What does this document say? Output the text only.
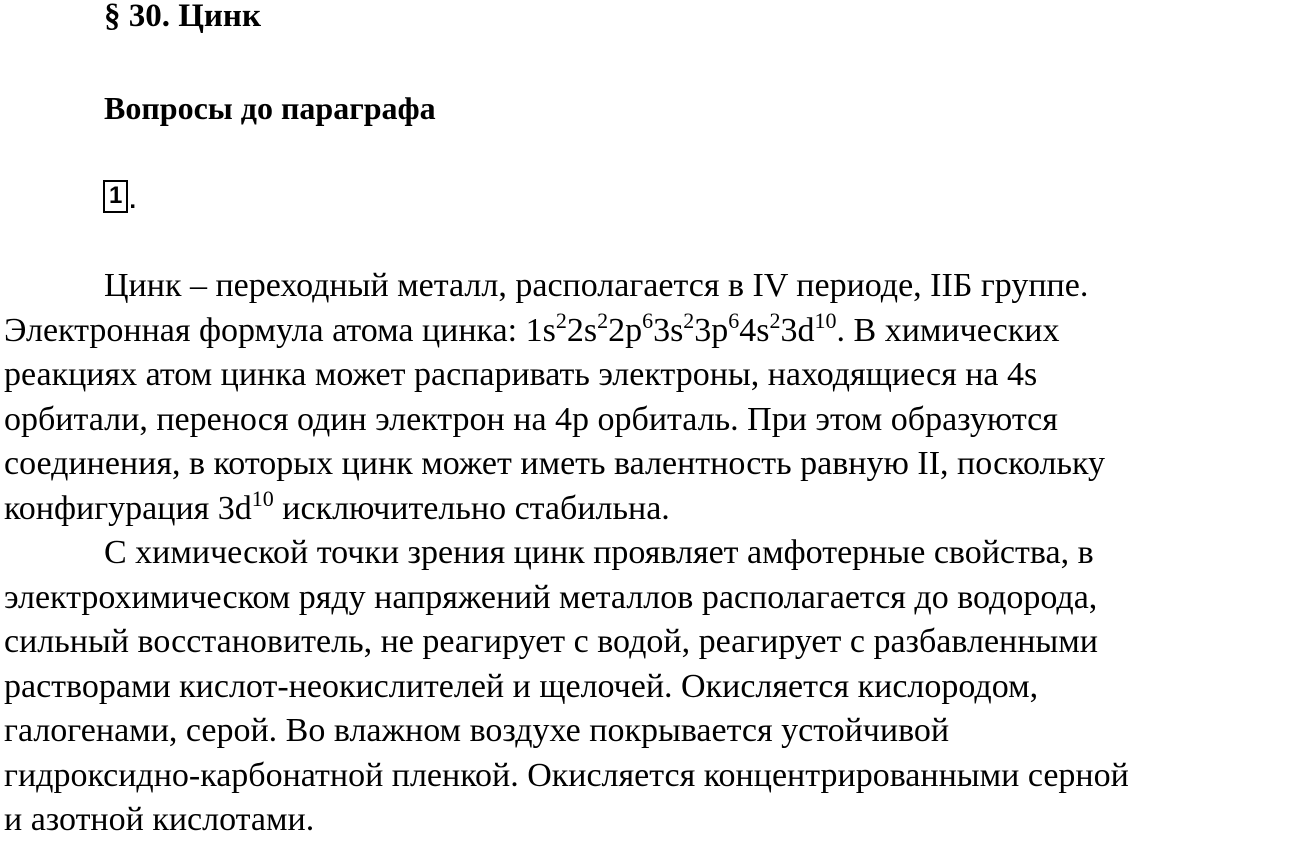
§ 30. Цинк
Вопросы до параграфа
1 .
Цинк – переходный металл, располагается в IV периоде, IIБ группе.
Электронная формула атома цинка: $1s^22s^22p^63s^23p^64s^23d^{10}$. В химических
реакциях атом цинка может распаривать электроны, находящиеся на 4s
орбитали, перенося один электрон на 4р орбиталь. При этом образуются
соединения, в которых цинк может иметь валентность равную II, поскольку
конфигурация $3d^{10}$ исключительно стабильна.
С химической точки зрения цинк проявляет амфотерные свойства, в
электрохимическом ряду напряжений металлов располагается до водорода,
сильный восстановитель, не реагирует с водой, реагирует с разбавленными
растворами кислот-неокислителей и щелочей. Окисляется кислородом,
галогенами, серой. Во влажном воздухе покрывается устойчивой
гидроксидно-карбонатной пленкой. Окисляется концентрированными серной
и азотной кислотами.
